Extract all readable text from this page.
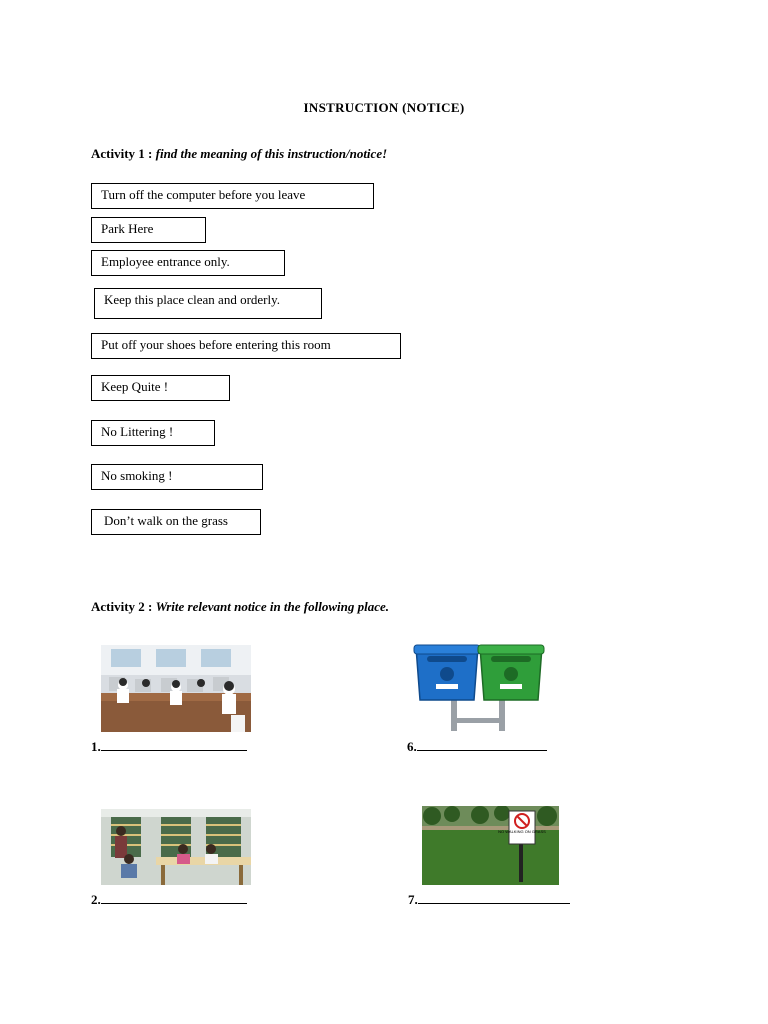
INSTRUCTION (NOTICE)
Activity 1 : find the meaning of this instruction/notice!
Turn off the computer before you leave
Park Here
Employee entrance only.
Keep this place clean and orderly.
Put off your shoes before entering this room
Keep Quite !
No Littering !
No smoking !
Don’t walk on the grass
Activity 2 : Write relevant notice in the following place.
1.	6.
NO WALKING ON GRASS
2.	7.
